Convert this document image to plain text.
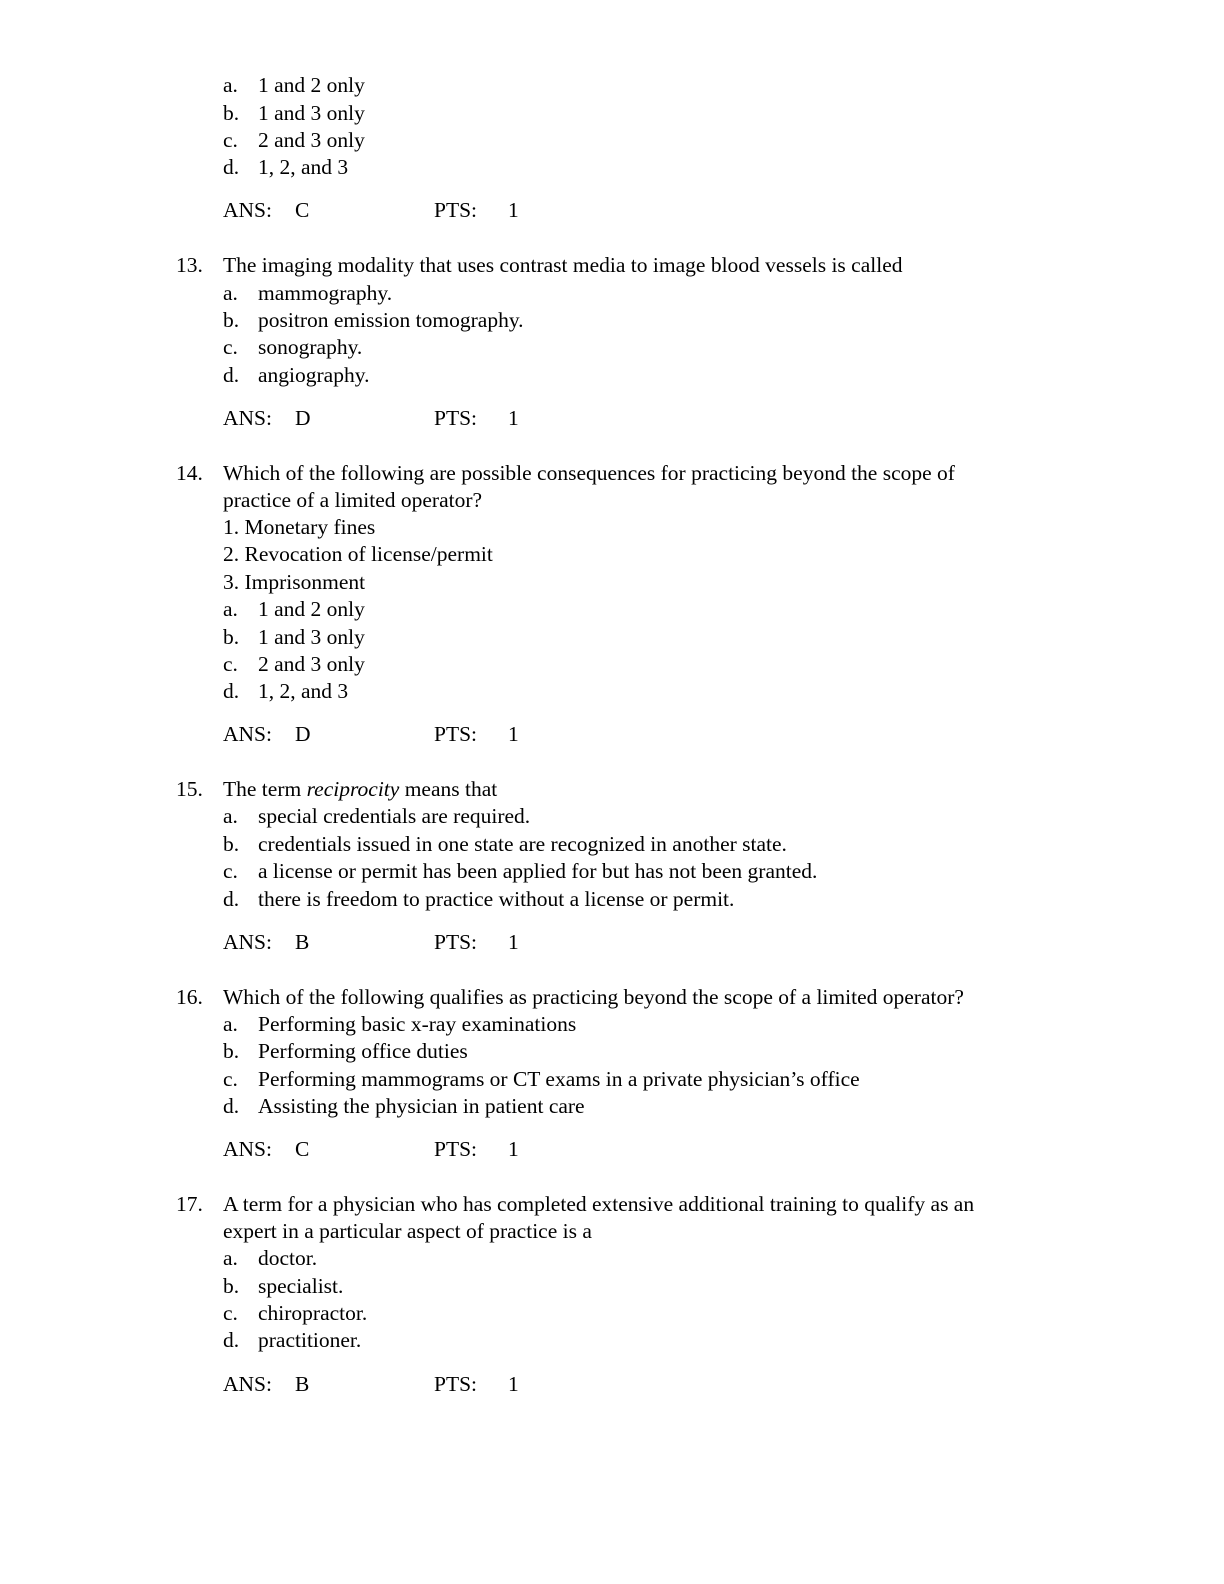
a. 1 and 2 only
b. 1 and 3 only
c. 2 and 3 only
d. 1, 2, and 3
ANS: C	PTS: 1
13. The imaging modality that uses contrast media to image blood vessels is called
a. mammography.
b. positron emission tomography.
c. sonography.
d. angiography.
ANS: D	PTS: 1
14. Which of the following are possible consequences for practicing beyond the scope of
practice of a limited operator?
1. Monetary fines
2. Revocation of license/permit
3. Imprisonment
a. 1 and 2 only
b. 1 and 3 only
c. 2 and 3 only
d. 1, 2, and 3
ANS: D	PTS: 1
15. The term reciprocity means that
a. special credentials are required.
b. credentials issued in one state are recognized in another state.
c. a license or permit has been applied for but has not been granted.
d. there is freedom to practice without a license or permit.
ANS: B	PTS: 1
16. Which of the following qualifies as practicing beyond the scope of a limited operator?
a. Performing basic x-ray examinations
b. Performing office duties
c. Performing mammograms or CT exams in a private physician’s office
d. Assisting the physician in patient care
ANS: C	PTS: 1
17. A term for a physician who has completed extensive additional training to qualify as an
expert in a particular aspect of practice is a
a. doctor.
b. specialist.
c. chiropractor.
d. practitioner.
ANS: B	PTS: 1
